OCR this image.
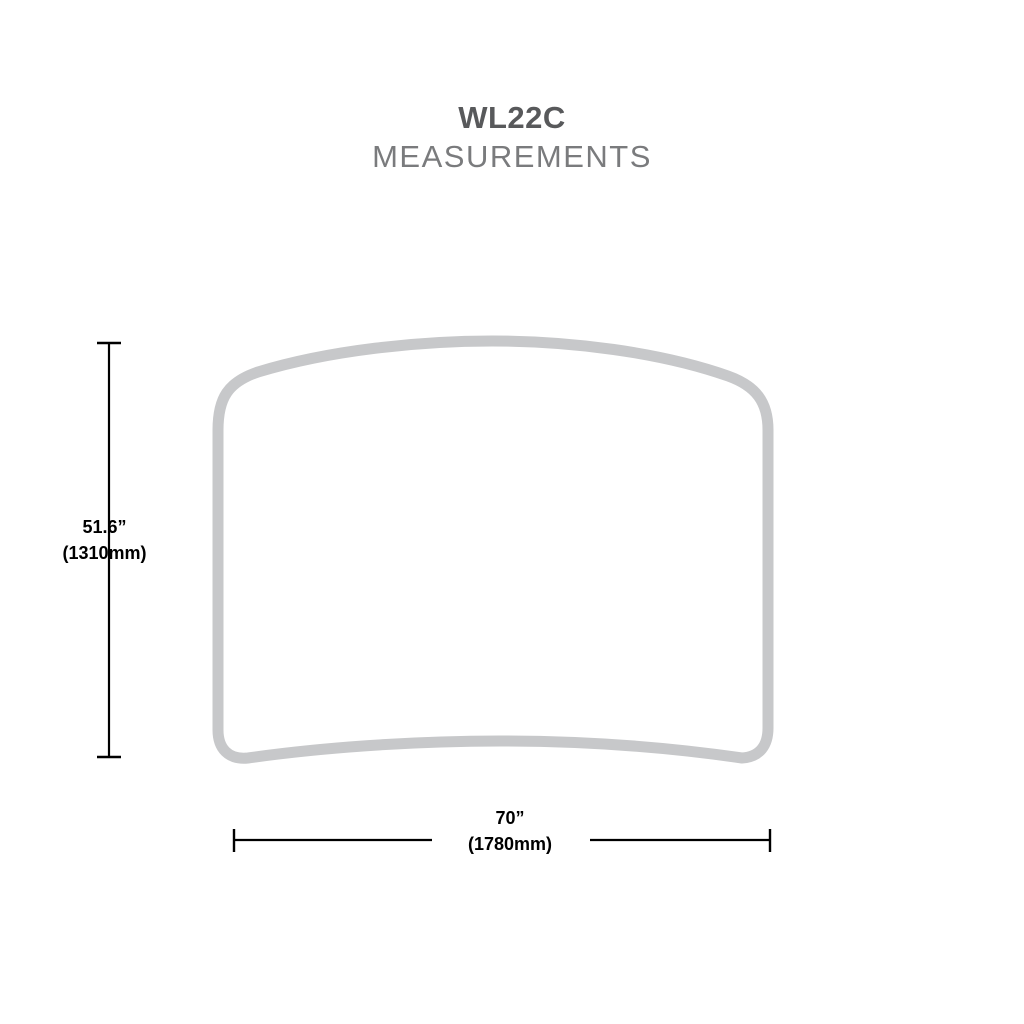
WL22C
MEASUREMENTS
51.6”
(1310mm)
70”
(1780mm)
